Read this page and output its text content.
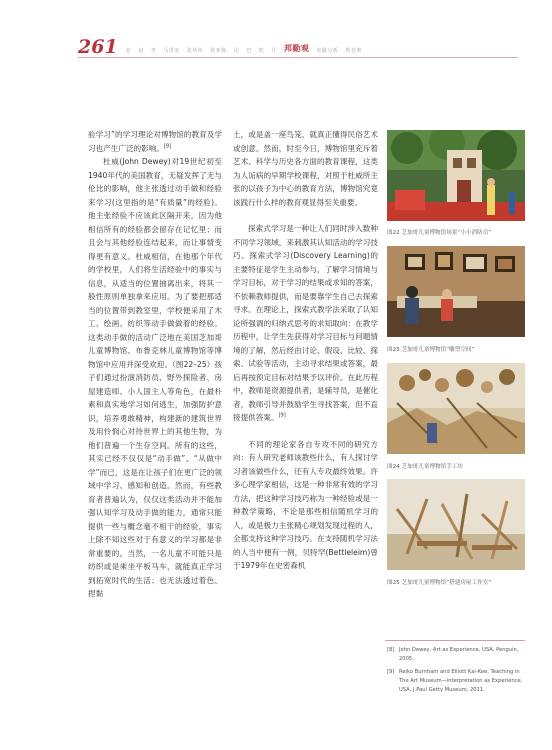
261 安 叔 李 马里安 张华珍 张亚陈 论 巴 吃 汗 邦勤观 室路分析 埃巻架

验学习”的学习理论对博物馆的教育及学习也产生广泛的影响。[9]

杜威(John Dewey)对19世纪初至1940年代的美国教育，无疑发挥了无与伦比的影响，他主张透过动手做和经验来学习(这里指的是“有质量”的经验)。他主张经验不应该此区隔开来，因为他相信所有的经验都会留存在记忆里；而且会与其他经验连结起来，而让事情变得更有意义。杜威相信，在他那个年代的学校里，人们将生活经验中的事实与信息，从适当的位置抽离出来，将其一般性原则单独拿来应用。为了要把那适当的位置带到教室里，学校便采用了木工、绘画、纺织等动手做做着的经验。这类动手做的活动广泛地在美国芝加哥儿童博物馆、布鲁克林儿童博物馆等博物馆中应用并深受欢迎。（图22–25）孩子们通过扮演消防员、野外探险者、房屋建造师、小人国主人等角色，在最朴素和真实地学习如何逃生，加强防护意识，培养勇敢精神，构建新的建筑世界及用怜悯心对待世界上的其他生物，为他们普遍一个生存空间。所有的这些，其实已经不仅仅是“动手做”、“从做中学”而已，这是在让孩子们在更广泛的领域中学习、感知和创造。然而，有些教育者普遍认为，仅仅这类活动并不能加强认知学习及动手做的能力，通常只能提供一些与概念毫不相干的经验，事实上除不知这些对于有意义的学习都是非常重要的。当然，一名儿童不可能只是纺织或是乘坐平板马车，就能真正学习到拓宽时代的生活；也无法透过着色、捏黏

土，或是盖一座鸟笼，就真正懂得民俗艺术或创意。然而，时至今日，博物馆里充斥着艺术、科学与历史各方面的教育课程，这类为人诟病的早期学校课程，对照于杜威所主张的以孩子为中心的教育方法，博物馆究竟该践行什么样的教育观显得至关重要。

探索式学习是一种让人们同时涉入数种不同学习领域，来刺激其认知活动的学习技巧。探索式学习(Discovery Learning)的主要特征是学生主动参与，了解学习情境与学习目标，对于学习的结果或求知的答案，不依赖教师提供，而是要靠学生自己去探索寻求。在理论上，探索式教学法采取了认知论所强调的归纳式思考的求知取向：在教学历程中，让学生先获得对学习目标与问题情境的了解，然后经由讨论、假设、比较、探索、试验等活动，主动寻求结果或答案，最后再按预定目标对结果予以评价。在此历程中，教师是资源提供者，是辅导员，是催化者，教师引导并鼓励学生寻找答案，但不直接提供答案。[9]

不同的理论家各自专攻不同的研究方向：有人研究老师该教些什么，有人探讨学习者该做些什么，还有人专攻最终效果。许多心理学家相信，这是一种非常有效的学习方法，把这种学习技巧称为一种经验或是一种教学策略，不论是那些相信随机学习的人，或是极力主张精心规划发现过程的人，全都支持这种学习技巧。在支持随机学习法的人当中便有一例，贝特罕(Bettleleim)曾于1979年在史密森机

图22 芝加哥儿童博物馆场景“小小消防员”
图23 芝加哥儿童博物馆“雕塑空间”
图24 芝加哥儿童博物馆手工坊
图25 芝加哥儿童博物馆“搭建房屋工作室”
[8] John Dewey, Art as Experience, USA, Penguin, 2005.
[9] Reiko Burnham and Elliott Kai-Kee, Teaching in The Art Museum—interpretation as Experience, USA, J.Paul Getty Museum, 2011.
